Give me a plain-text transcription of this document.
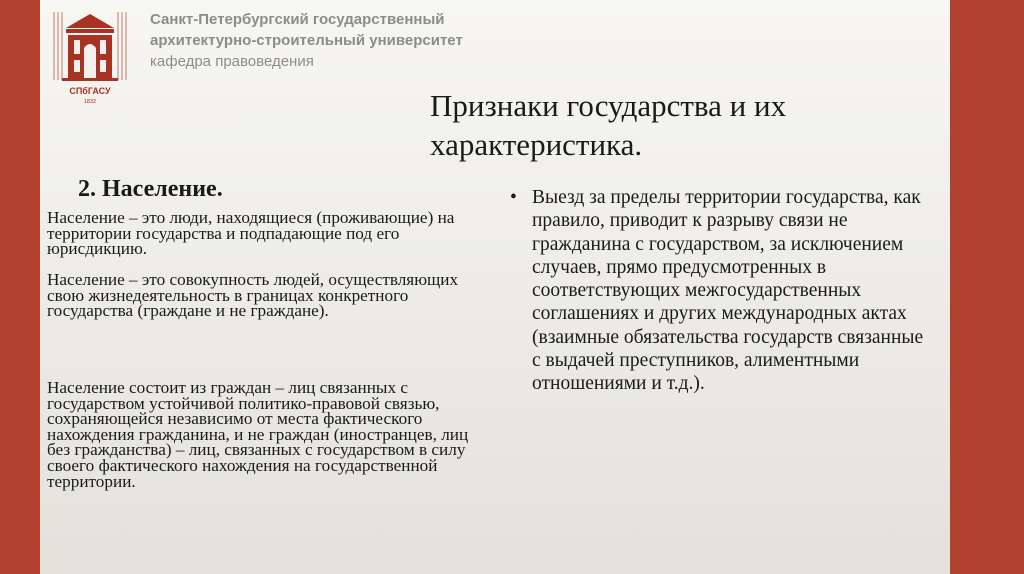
СПбГАСУ
1832
Санкт-Петербургский государственный
архитектурно-строительный университет
кафедра правоведения
Признаки государства и их
характеристика.
2. Население.

Население – это люди, находящиеся (проживающие) на территории государства и подпадающие под его юрисдикцию.

Население – это совокупность людей, осуществляющих свою жизнедеятельность в границах конкретного государства (граждане и не граждане).

Население состоит из граждан – лиц связанных с государством устойчивой политико-правовой связью, сохраняющейся независимо от места фактического нахождения гражданина, и не граждан (иностранцев, лиц без гражданства) – лиц, связанных с государством в силу своего фактического нахождения на государственной территории.

• Выезд за пределы территории государства, как правило, приводит к разрыву связи не гражданина с государством, за исключением случаев, прямо предусмотренных в соответствующих межгосударственных соглашениях и других международных актах (взаимные обязательства государств связанные с выдачей преступников, алиментными отношениями и т.д.).
